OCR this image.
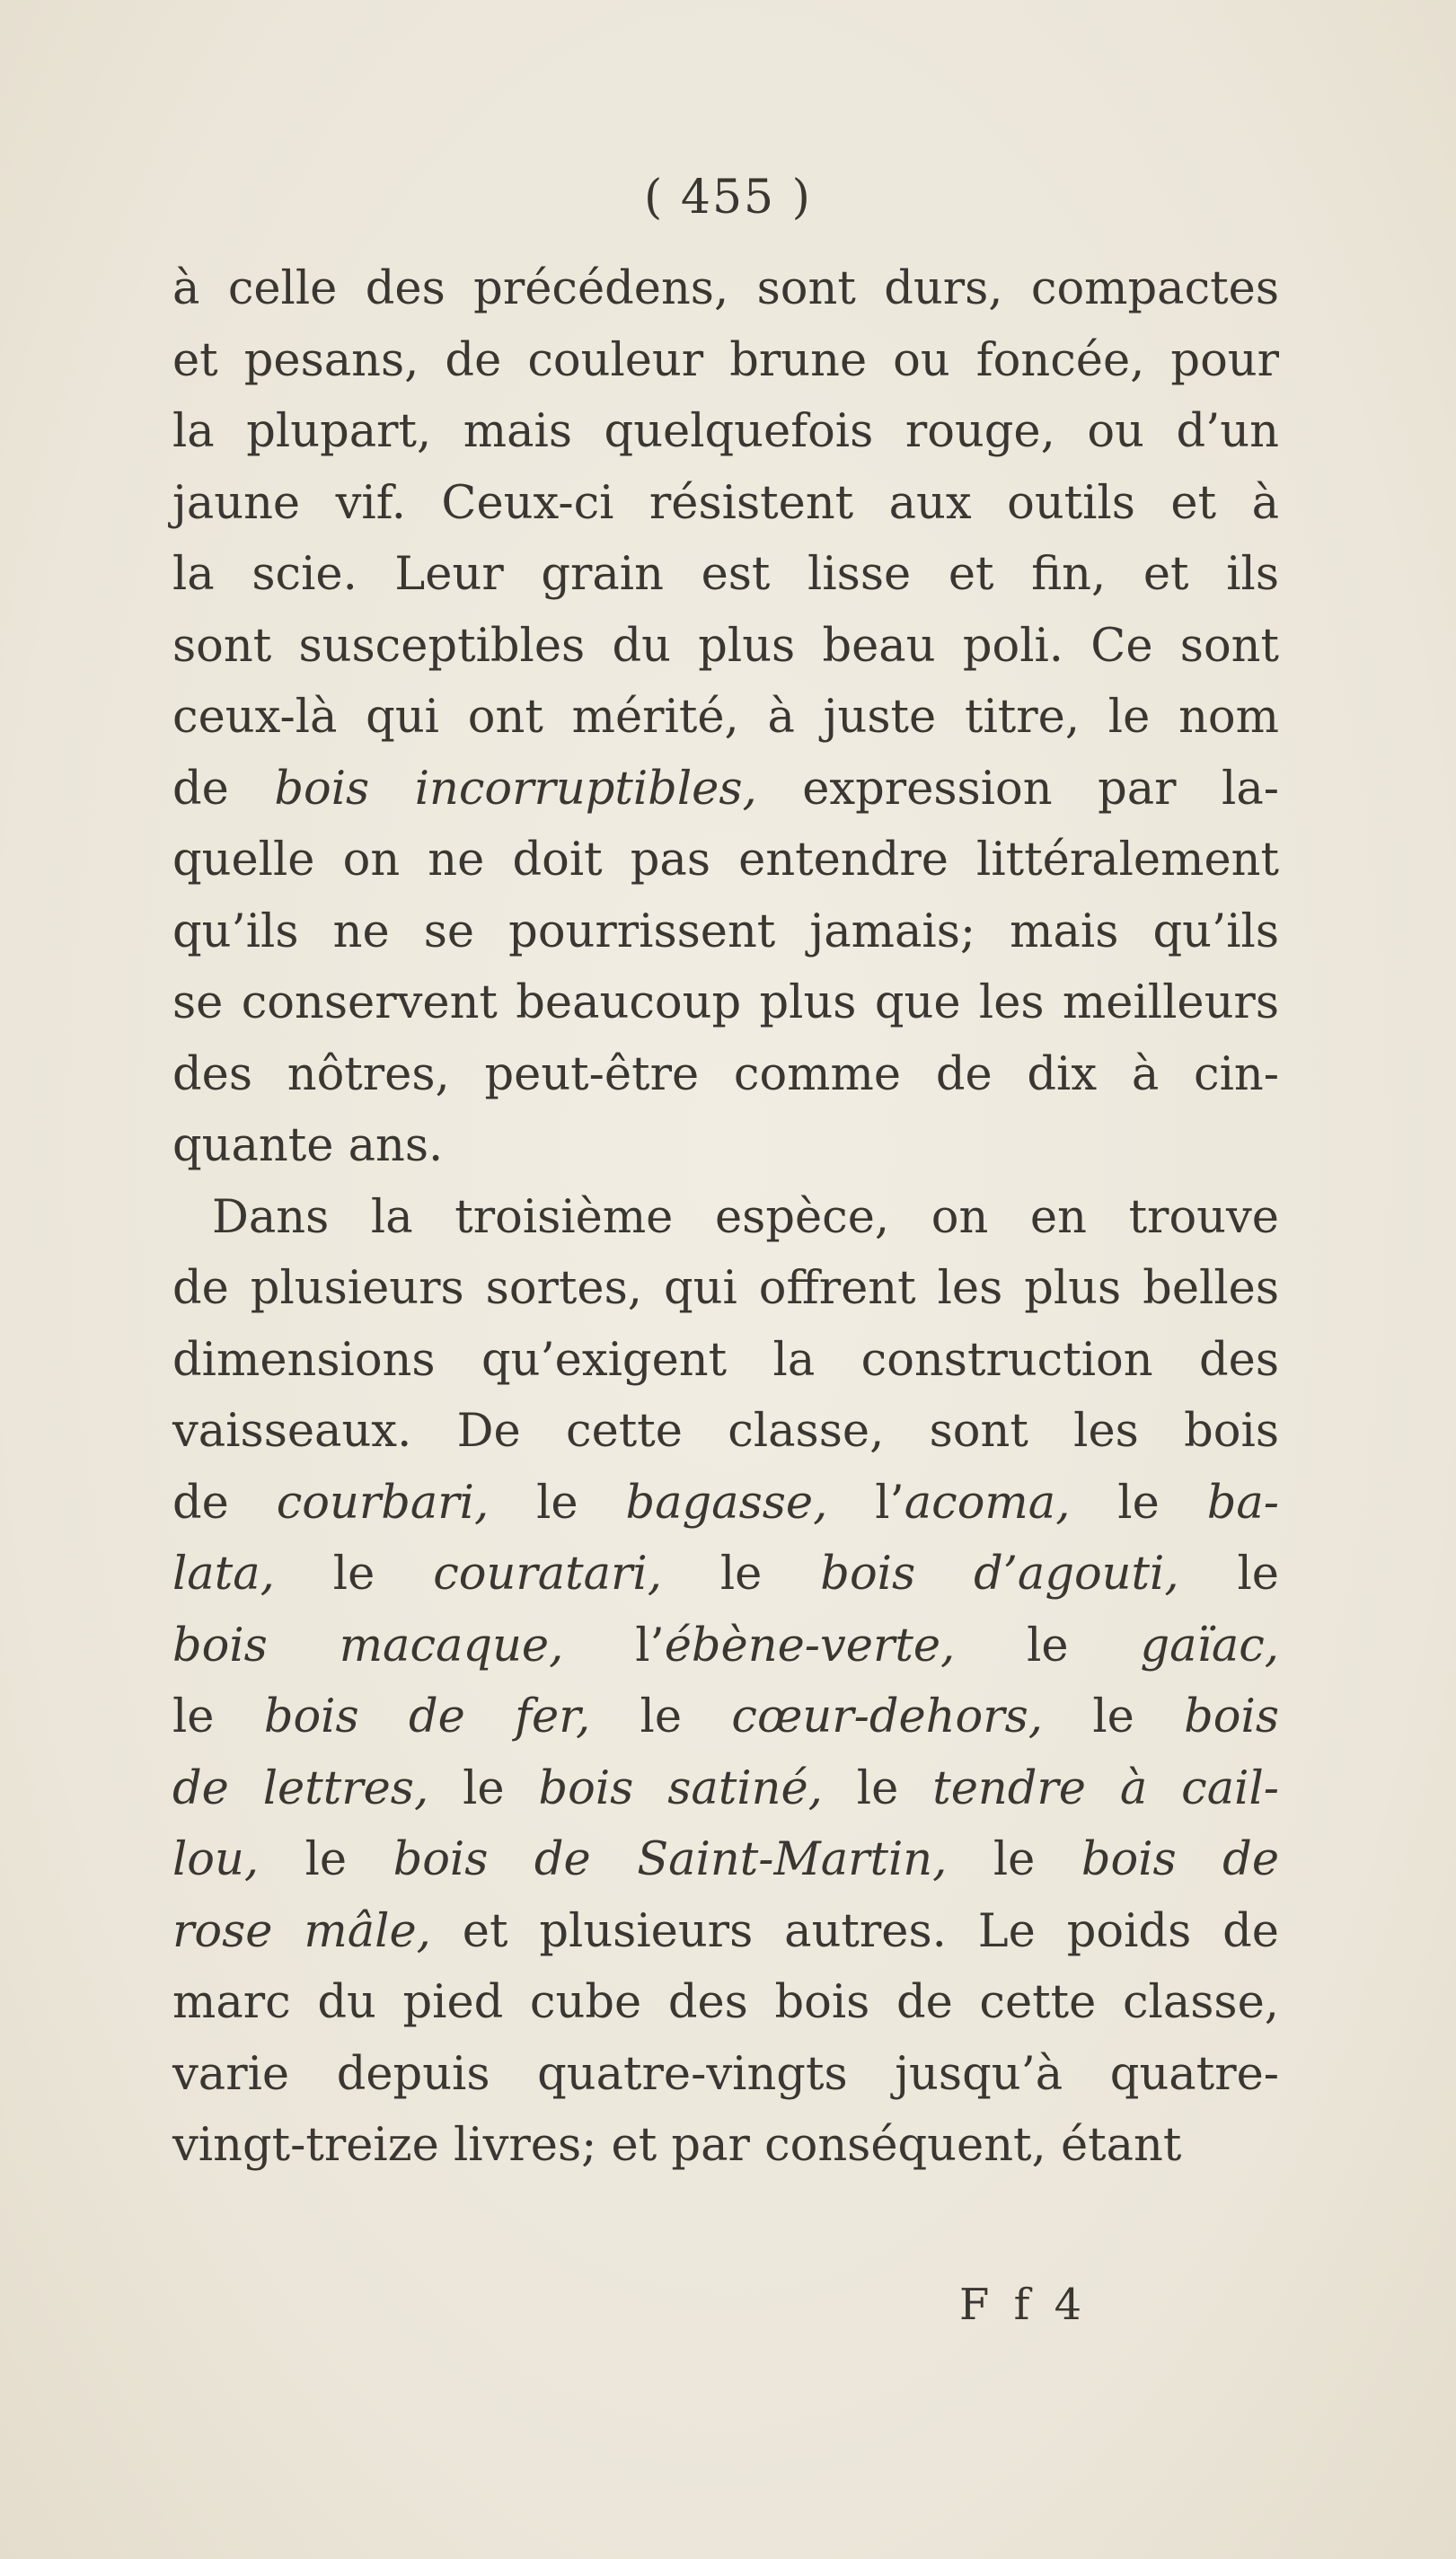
( 455 )
à celle des précédens, sont durs, compactes
et pesans, de couleur brune ou foncée, pour
la plupart, mais quelquefois rouge, ou d’un
jaune vif. Ceux-ci résistent aux outils et à
la scie. Leur grain est lisse et fin, et ils
sont susceptibles du plus beau poli. Ce sont
ceux-là qui ont mérité, à juste titre, le nom
de bois incorruptibles, expression par la-
quelle on ne doit pas entendre littéralement
qu’ils ne se pourrissent jamais; mais qu’ils
se conservent beaucoup plus que les meilleurs
des nôtres, peut-être comme de dix à cin-
quante ans.
Dans la troisième espèce, on en trouve
de plusieurs sortes, qui offrent les plus belles
dimensions qu’exigent la construction des
vaisseaux. De cette classe, sont les bois
de courbari, le bagasse, l’acoma, le ba-
lata, le couratari, le bois d’agouti, le
bois macaque, l’ébène-verte, le gaïac,
le bois de fer, le cœur-dehors, le bois
de lettres, le bois satiné, le tendre à cail-
lou, le bois de Saint-Martin, le bois de
rose mâle, et plusieurs autres. Le poids de
marc du pied cube des bois de cette classe,
varie depuis quatre-vingts jusqu’à quatre-
vingt-treize livres; et par conséquent, étant
F f 4
